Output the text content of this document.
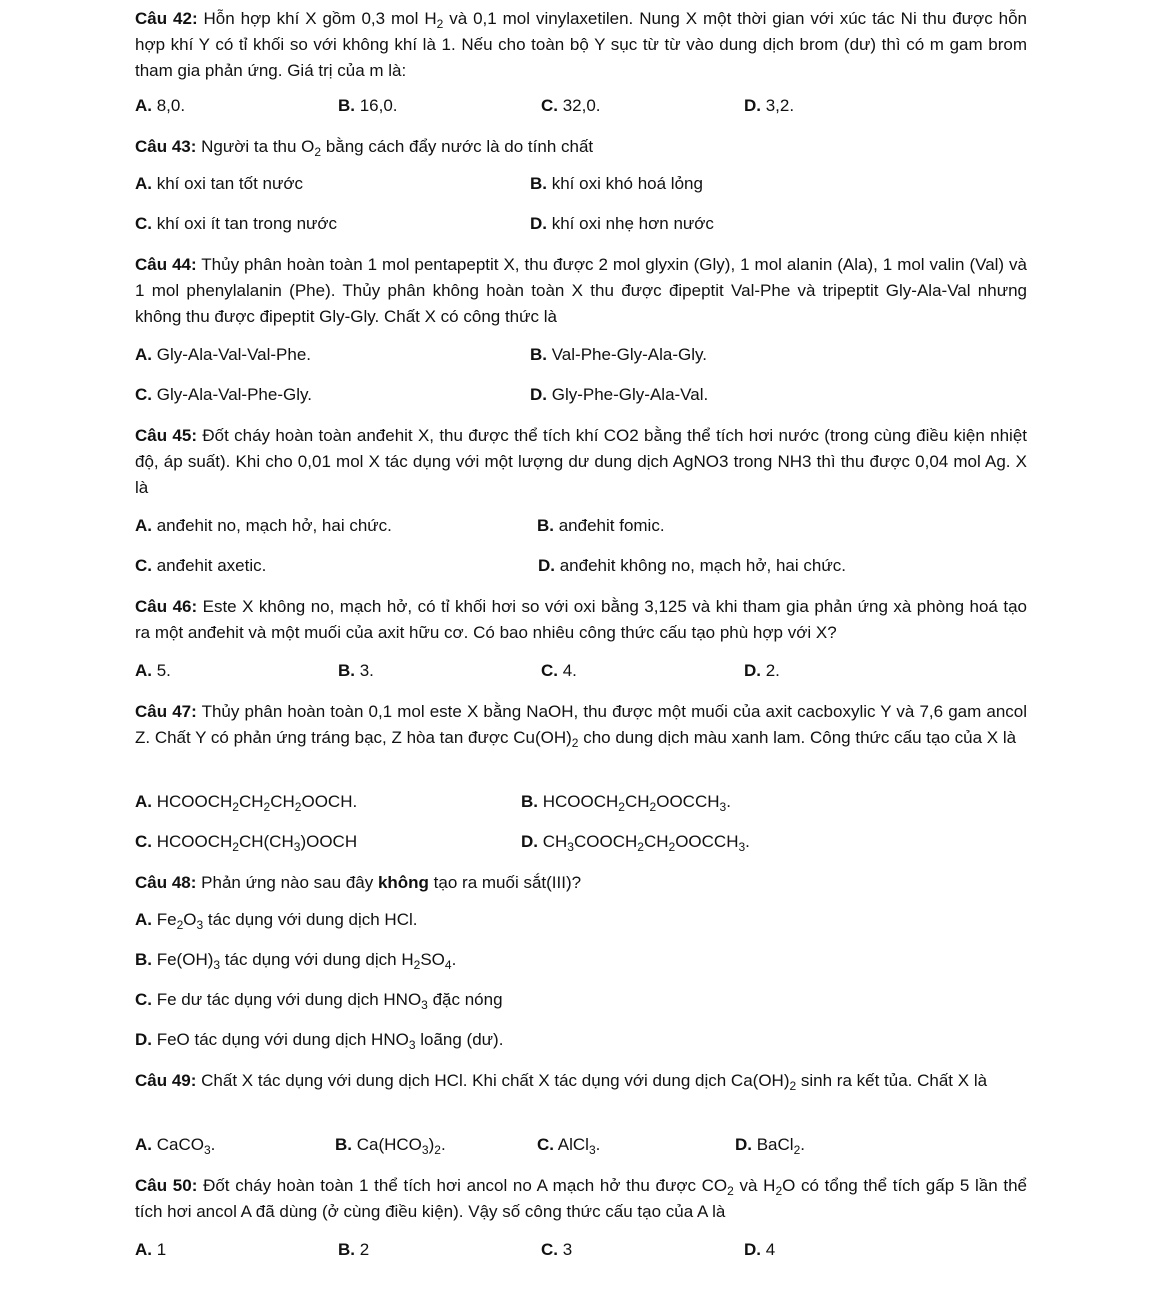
Câu 42: Hỗn hợp khí X gồm 0,3 mol $H_2$ và 0,1 mol vinylaxetilen. Nung X một thời gian với xúc tác Ni thu được hỗn hợp khí Y có tỉ khối so với không khí là 1. Nếu cho toàn bộ Y sục từ từ vào dung dịch brom (dư) thì có m gam brom tham gia phản ứng. Giá trị của m là:

A. 8,0.	B. 16,0.	C. 32,0.	D. 3,2.

Câu 43: Người ta thu $O_2$ bằng cách đẩy nước là do tính chất

A. khí oxi tan tốt nước	B. khí oxi khó hoá lỏng
C. khí oxi ít tan trong nước	D. khí oxi nhẹ hơn nước

Câu 44: Thủy phân hoàn toàn 1 mol pentapeptit X, thu được 2 mol glyxin (Gly), 1 mol alanin (Ala), 1 mol valin (Val) và 1 mol phenylalanin (Phe). Thủy phân không hoàn toàn X thu được đipeptit Val-Phe và tripeptit Gly-Ala-Val nhưng không thu được đipeptit Gly-Gly. Chất X có công thức là

A. Gly-Ala-Val-Val-Phe.	B. Val-Phe-Gly-Ala-Gly.
C. Gly-Ala-Val-Phe-Gly.	D. Gly-Phe-Gly-Ala-Val.

Câu 45: Đốt cháy hoàn toàn anđehit X, thu được thể tích khí CO2 bằng thể tích hơi nước (trong cùng điều kiện nhiệt độ, áp suất). Khi cho 0,01 mol X tác dụng với một lượng dư dung dịch AgNO3 trong NH3 thì thu được 0,04 mol Ag. X là

A. anđehit no, mạch hở, hai chức.	B. anđehit fomic.
C. anđehit axetic.	D. anđehit không no, mạch hở, hai chức.

Câu 46: Este X không no, mạch hở, có tỉ khối hơi so với oxi bằng 3,125 và khi tham gia phản ứng xà phòng hoá tạo ra một anđehit và một muối của axit hữu cơ. Có bao nhiêu công thức cấu tạo phù hợp với X?

A. 5.	B. 3.	C. 4.	D. 2.

Câu 47: Thủy phân hoàn toàn 0,1 mol este X bằng NaOH, thu được một muối của axit cacboxylic Y và 7,6 gam ancol Z. Chất Y có phản ứng tráng bạc, Z hòa tan được $Cu(OH)_2$ cho dung dịch màu xanh lam. Công thức cấu tạo của X là

A. $HCOOCH_2CH_2CH_2OOCH$.	B. $HCOOCH_2CH_2OOCCH_3$.
C. $HCOOCH_2CH(CH_3)OOCH$	D. $CH_3COOCH_2CH_2OOCCH_3$.

Câu 48: Phản ứng nào sau đây không tạo ra muối sắt(III)?

A. $Fe_2O_3$ tác dụng với dung dịch HCl.
B. $Fe(OH)_3$ tác dụng với dung dịch $H_2SO_4$.
C. Fe dư tác dụng với dung dịch $HNO_3$ đặc nóng
D. FeO tác dụng với dung dịch $HNO_3$ loãng (dư).

Câu 49: Chất X tác dụng với dung dịch HCl. Khi chất X tác dụng với dung dịch $Ca(OH)_2$ sinh ra kết tủa. Chất X là

A. CaCO$_3$.	B. $Ca(HCO_3)_2$.	C. AlCl$_3$.	D. BaCl$_2$.

Câu 50: Đốt cháy hoàn toàn 1 thể tích hơi ancol no A mạch hở thu được $CO_2$ và $H_2O$ có tổng thể tích gấp 5 lần thể tích hơi ancol A đã dùng (ở cùng điều kiện). Vậy số công thức cấu tạo của A là

A. 1	B. 2	C. 3	D. 4
